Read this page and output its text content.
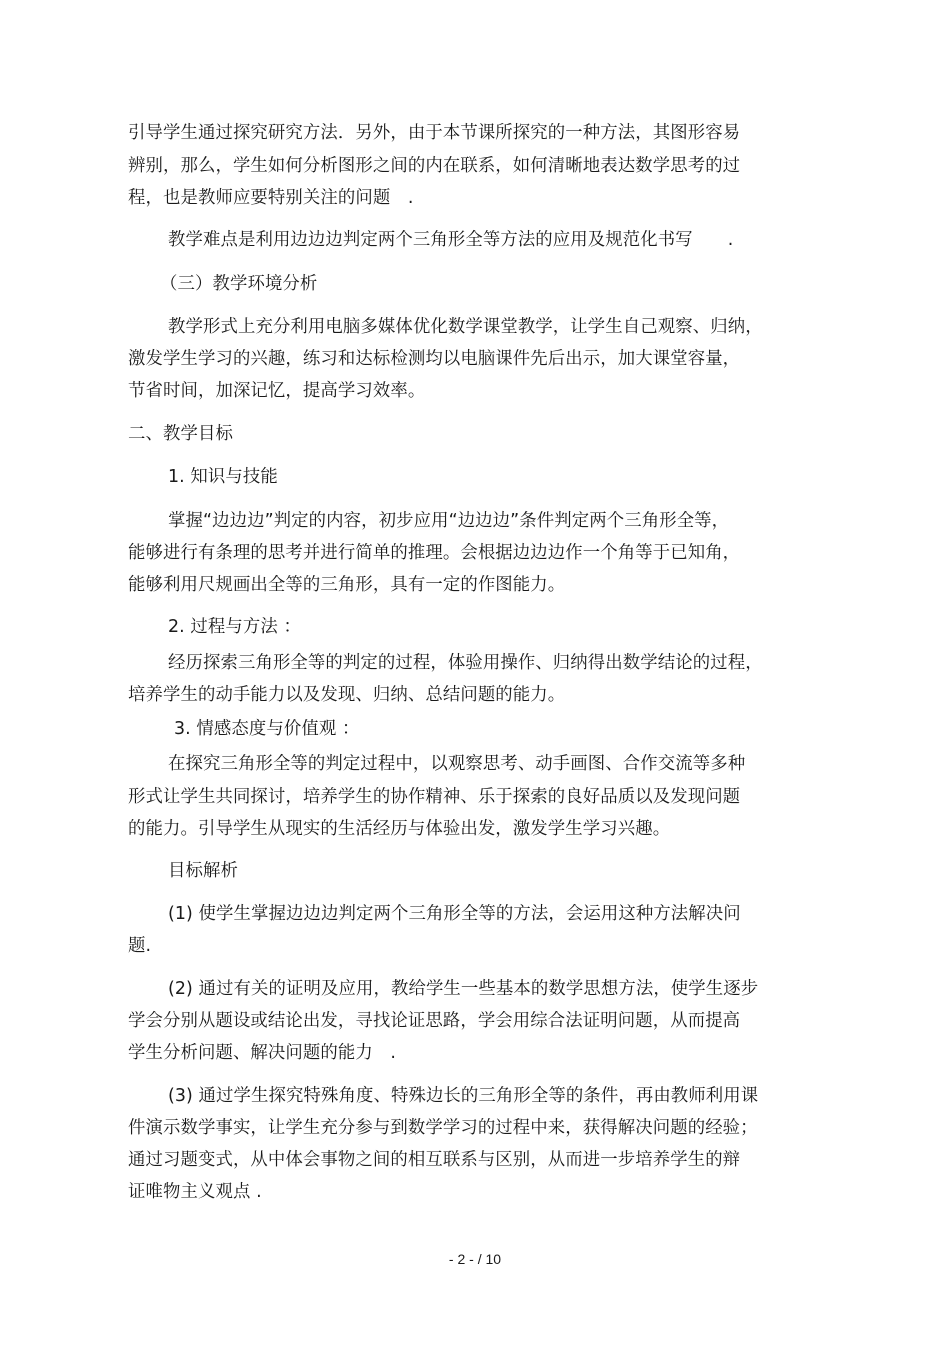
引导学生通过探究研究方法．另外，由于本节课所探究的一种方法，其图形容易

辨别，那么，学生如何分析图形之间的内在联系，如何清晰地表达数学思考的过

程，也是教师应要特别关注的问题　.

教学难点是利用边边边判定两个三角形全等方法的应用及规范化书写　　.

（三）教学环境分析

教学形式上充分利用电脑多媒体优化数学课堂教学，让学生自己观察、归纳，

激发学生学习的兴趣，练习和达标检测均以电脑课件先后出示，加大课堂容量，

节省时间，加深记忆，提高学习效率。

二、教学目标

1. 知识与技能

掌握“边边边”判定的内容，初步应用“边边边”条件判定两个三角形全等，

能够进行有条理的思考并进行简单的推理。会根据边边边作一个角等于已知角，

能够利用尺规画出全等的三角形，具有一定的作图能力。

2. 过程与方法 ：

经历探索三角形全等的判定的过程，体验用操作、归纳得出数学结论的过程，

培养学生的动手能力以及发现、归纳、总结问题的能力。

3. 情感态度与价值观 ：

在探究三角形全等的判定过程中，以观察思考、动手画图、合作交流等多种

形式让学生共同探讨，培养学生的协作精神、乐于探索的良好品质以及发现问题

的能力。引导学生从现实的生活经历与体验出发，激发学生学习兴趣。

目标解析

(1) 使学生掌握边边边判定两个三角形全等的方法，会运用这种方法解决问

题.

(2) 通过有关的证明及应用，教给学生一些基本的数学思想方法，使学生逐步

学会分别从题设或结论出发，寻找论证思路，学会用综合法证明问题，从而提高

学生分析问题、解决问题的能力　.

(3) 通过学生探究特殊角度、特殊边长的三角形全等的条件，再由教师利用课

件演示数学事实，让学生充分参与到数学学习的过程中来，获得解决问题的经验；

通过习题变式，从中体会事物之间的相互联系与区别，从而进一步培养学生的辩

证唯物主义观点 .

- 2 - / 10
